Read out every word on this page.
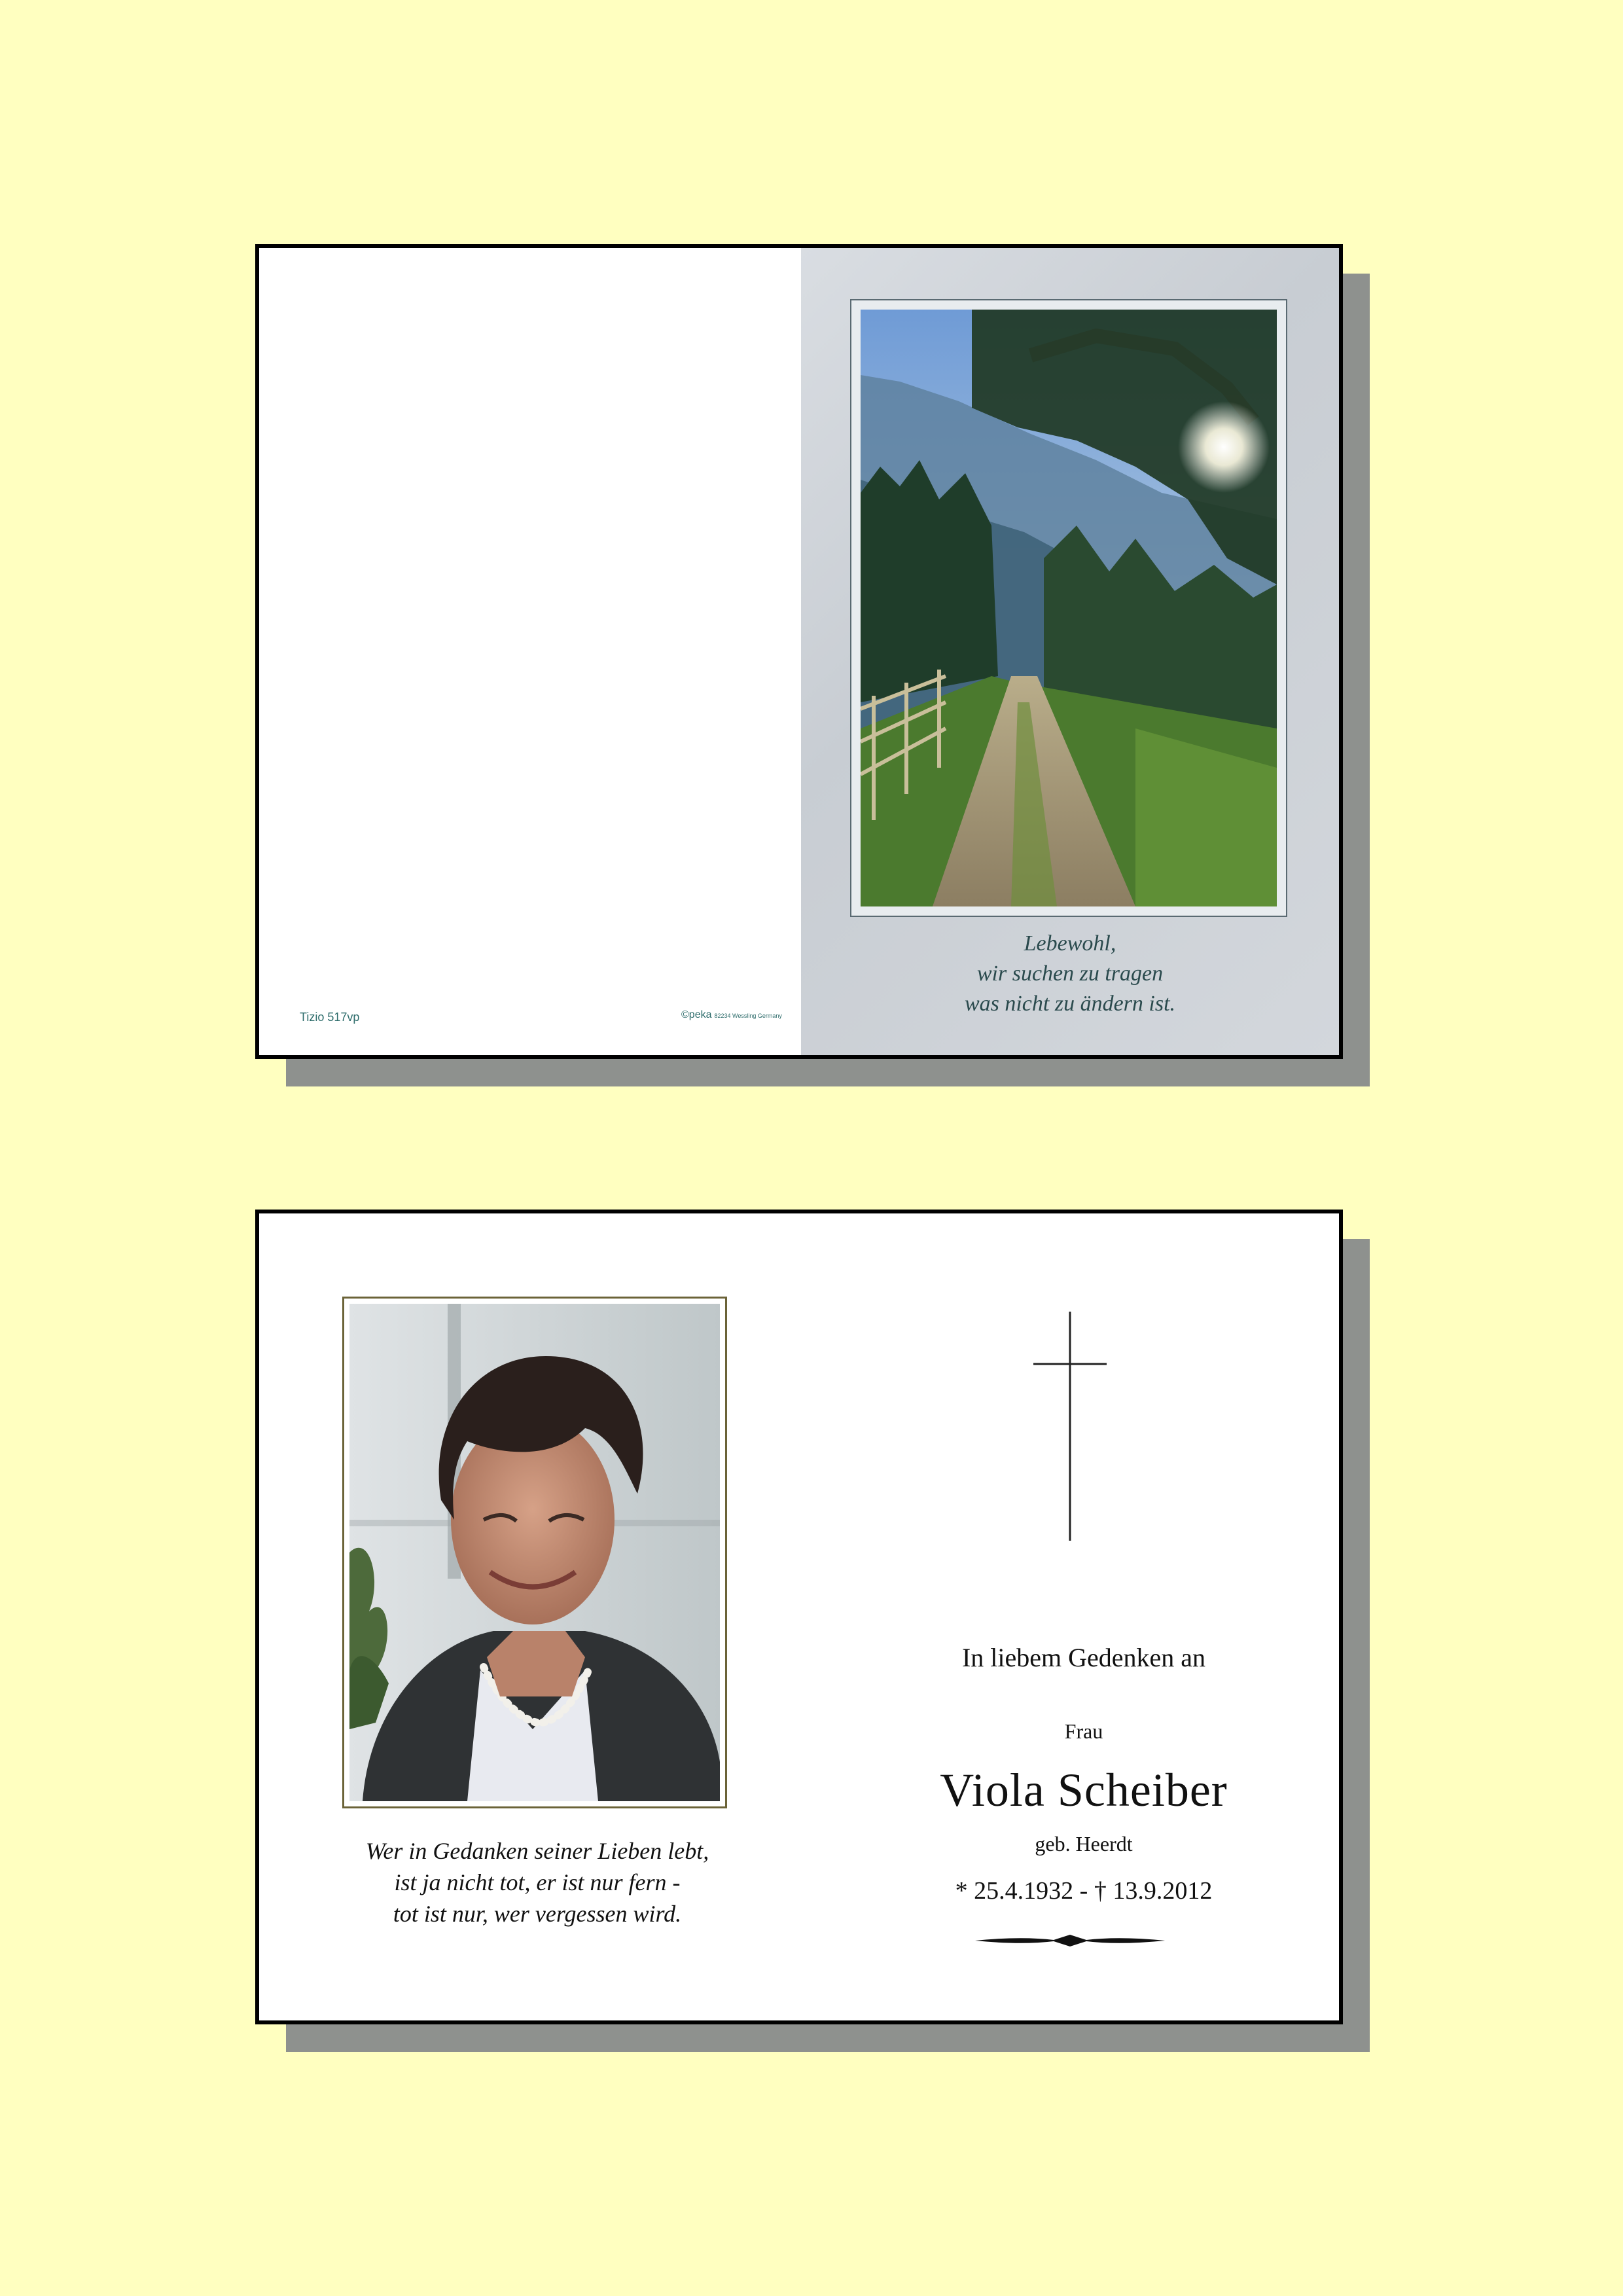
Tizio 517vp	©peka 82234 Wessling Germany
Lebewohl,
wir suchen zu tragen
was nicht zu ändern ist.
Wer in Gedanken seiner Lieben lebt,
ist ja nicht tot, er ist nur fern -
tot ist nur, wer vergessen wird.
In liebem Gedenken an
Frau
Viola Scheiber
geb. Heerdt
* 25.4.1932 - † 13.9.2012
